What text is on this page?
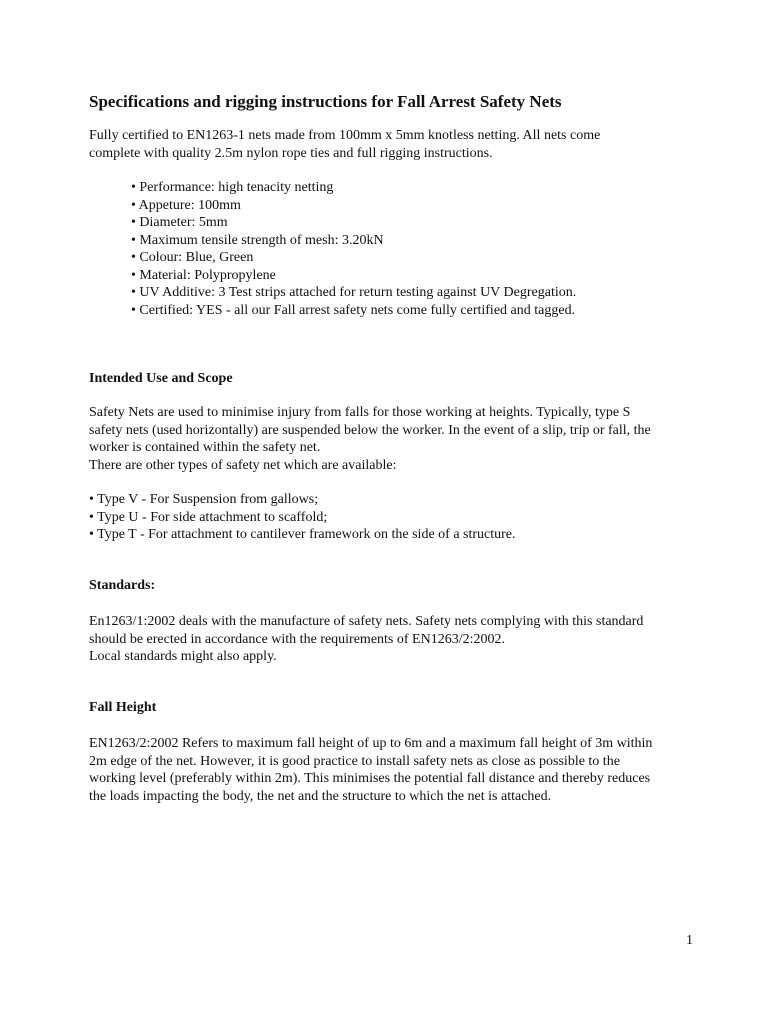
Specifications and rigging instructions for Fall Arrest Safety Nets
Fully certified to EN1263-1 nets made from 100mm x 5mm knotless netting. All nets come
complete with quality 2.5m nylon rope ties and full rigging instructions.
• Performance: high tenacity netting
• Appeture: 100mm
• Diameter: 5mm
• Maximum tensile strength of mesh: 3.20kN
• Colour: Blue, Green
• Material: Polypropylene
• UV Additive: 3 Test strips attached for return testing against UV Degregation.
• Certified: YES - all our Fall arrest safety nets come fully certified and tagged.
Intended Use and Scope
Safety Nets are used to minimise injury from falls for those working at heights. Typically, type S
safety nets (used horizontally) are suspended below the worker. In the event of a slip, trip or fall, the
worker is contained within the safety net.
There are other types of safety net which are available:
• Type V - For Suspension from gallows;
• Type U - For side attachment to scaffold;
• Type T - For attachment to cantilever framework on the side of a structure.
Standards:
En1263/1:2002 deals with the manufacture of safety nets. Safety nets complying with this standard
should be erected in accordance with the requirements of EN1263/2:2002.
Local standards might also apply.
Fall Height
EN1263/2:2002 Refers to maximum fall height of up to 6m and a maximum fall height of 3m within
2m edge of the net. However, it is good practice to install safety nets as close as possible to the
working level (preferably within 2m). This minimises the potential fall distance and thereby reduces
the loads impacting the body, the net and the structure to which the net is attached.
1
